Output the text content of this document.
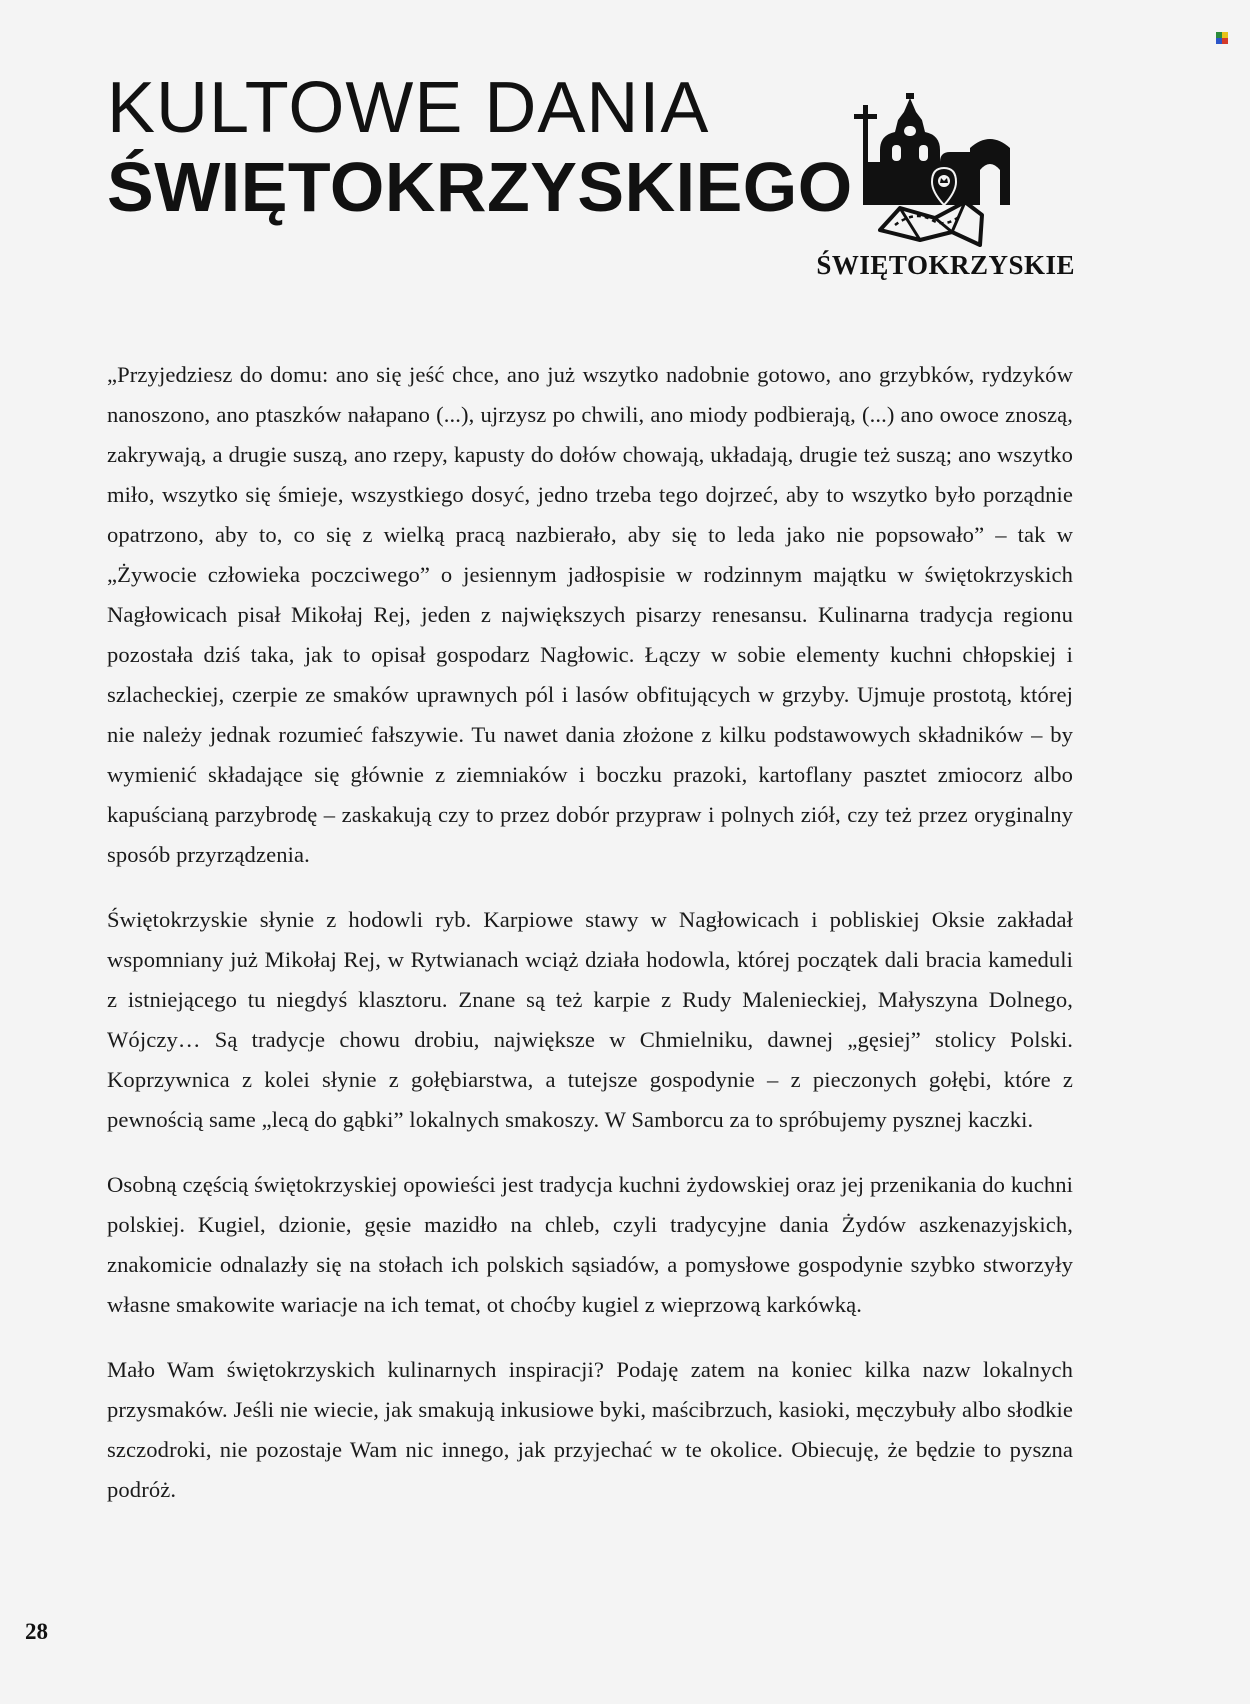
KULTOWE DANIA
ŚWIĘTOKRZYSKIEGO
ŚWIĘTOKRZYSKIE

„Przyjedziesz do domu: ano się jeść chce, ano już wszytko nadobnie gotowo, ano grzybków, rydzyków nanoszono, ano ptaszków nałapano (...), ujrzysz po chwili, ano miody podbierają, (...) ano owoce znoszą, zakrywają, a drugie suszą, ano rzepy, kapusty do dołów chowają, układają, drugie też suszą; ano wszytko miło, wszytko się śmieje, wszystkiego dosyć, jedno trzeba tego dojrzeć, aby to wszytko było porządnie opatrzono, aby to, co się z wielką pracą nazbierało, aby się to leda jako nie popsowało” – tak w „Żywocie człowieka poczciwego” o jesiennym jadłospisie w rodzinnym majątku w świętokrzyskich Nagłowicach pisał Mikołaj Rej, jeden z największych pisarzy renesansu. Kulinarna tradycja regionu pozostała dziś taka, jak to opisał gospodarz Nagłowic. Łączy w sobie elementy kuchni chłopskiej i szlacheckiej, czerpie ze smaków uprawnych pól i lasów obfitujących w grzyby. Ujmuje prostotą, której nie należy jednak rozumieć fałszywie. Tu nawet dania złożone z kilku podstawowych składników – by wymienić składające się głównie z ziemniaków i boczku prazoki, kartoflany pasztet zmiocorz albo kapuścianą parzybrodę – zaskakują czy to przez dobór przypraw i polnych ziół, czy też przez oryginalny sposób przyrządzenia.

Świętokrzyskie słynie z hodowli ryb. Karpiowe stawy w Nagłowicach i pobliskiej Oksie zakładał wspomniany już Mikołaj Rej, w Rytwianach wciąż działa hodowla, której początek dali bracia kameduli z istniejącego tu niegdyś klasztoru. Znane są też karpie z Rudy Malenieckiej, Małyszyna Dolnego, Wójczy… Są tradycje chowu drobiu, największe w Chmielniku, dawnej „gęsiej” stolicy Polski. Koprzywnica z kolei słynie z gołębiarstwa, a tutejsze gospodynie – z pieczonych gołębi, które z pewnością same „lecą do gąbki” lokalnych smakoszy. W Samborcu za to spróbujemy pysznej kaczki.

Osobną częścią świętokrzyskiej opowieści jest tradycja kuchni żydowskiej oraz jej przenikania do kuchni polskiej. Kugiel, dzionie, gęsie mazidło na chleb, czyli tradycyjne dania Żydów aszkenazyjskich, znakomicie odnalazły się na stołach ich polskich sąsiadów, a pomysłowe gospodynie szybko stworzyły własne smakowite wariacje na ich temat, ot choćby kugiel z wieprzową karkówką.

Mało Wam świętokrzyskich kulinarnych inspiracji? Podaję zatem na koniec kilka nazw lokalnych przysmaków. Jeśli nie wiecie, jak smakują inkusiowe byki, maścibrzuch, kasioki, męczybuły albo słodkie szczodroki, nie pozostaje Wam nic innego, jak przyjechać w te okolice. Obiecuję, że będzie to pyszna podróż.

28
